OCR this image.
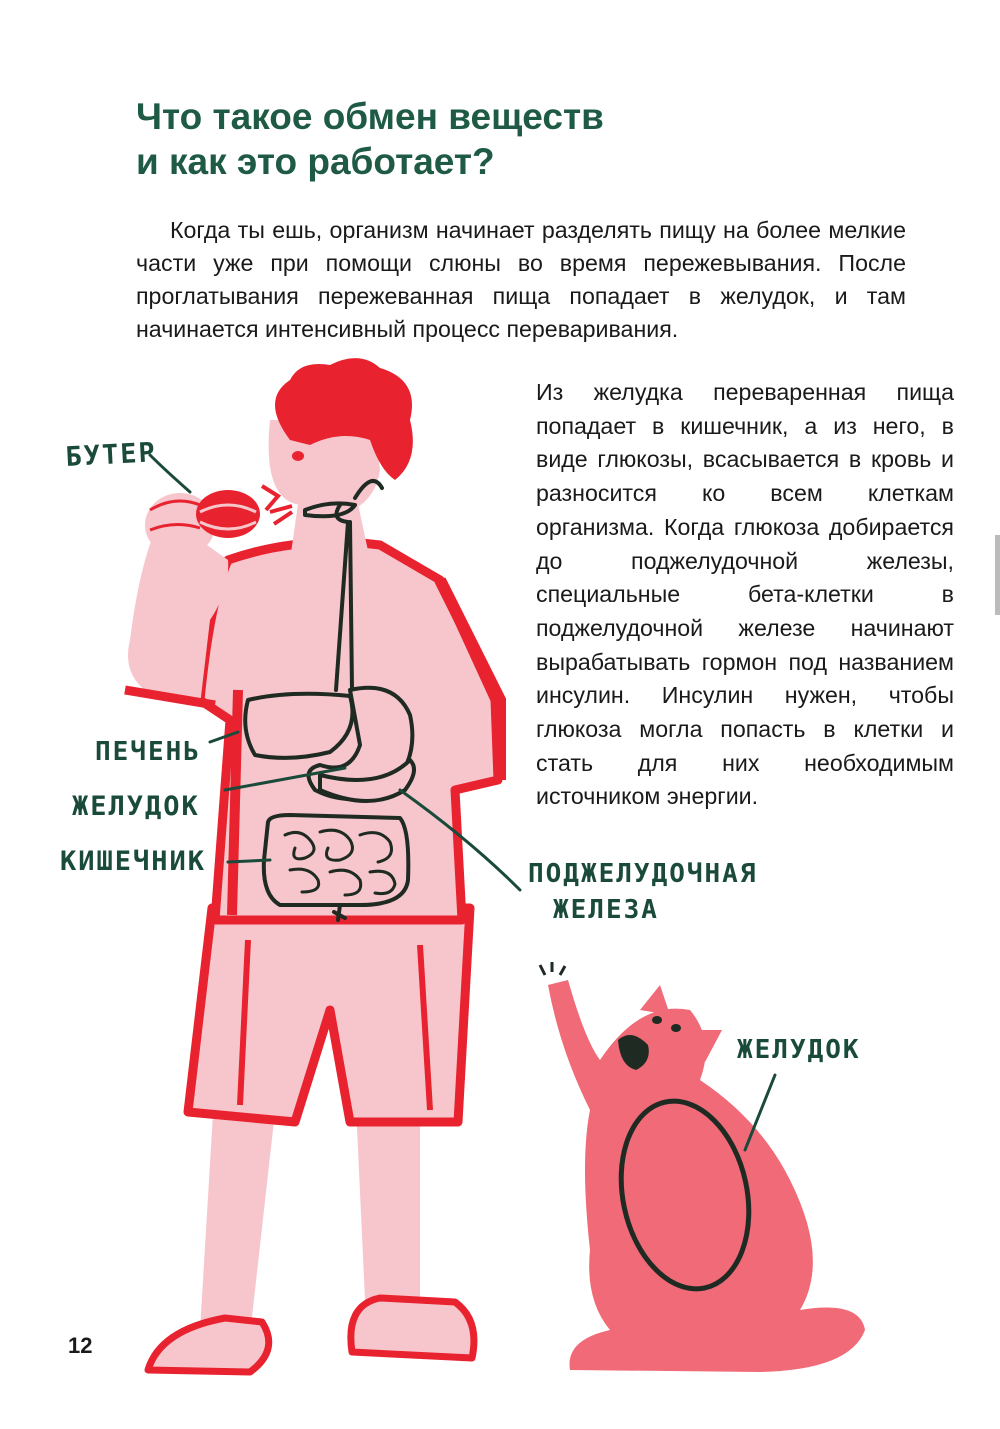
БУТЕР
ПЕЧЕНЬ
ЖЕЛУДОК
КИШЕЧНИК	ПОДЖЕЛУДОЧНАЯ
ЖЕЛЕЗА
ЖЕЛУДОК
Что такое обмен веществ
и как это работает?

Когда ты ешь, организм начинает разделять пищу на более мелкие части уже при помощи слюны во время пережевывания. После проглатывания пережеванная пища попадает в желудок, и там начинается интенсивный процесс переваривания.

Из желудка переваренная пища попадает в кишечник, а из него, в виде глюкозы, всасывается в кровь и разносится ко всем клеткам организма. Когда глюкоза добирается до поджелудочной железы, специальные бета-клетки в поджелудочной железе начинают вырабатывать гормон под названием инсулин. Инсулин нужен, чтобы глюкоза могла попасть в клетки и стать для них необходимым источником энергии.

12
